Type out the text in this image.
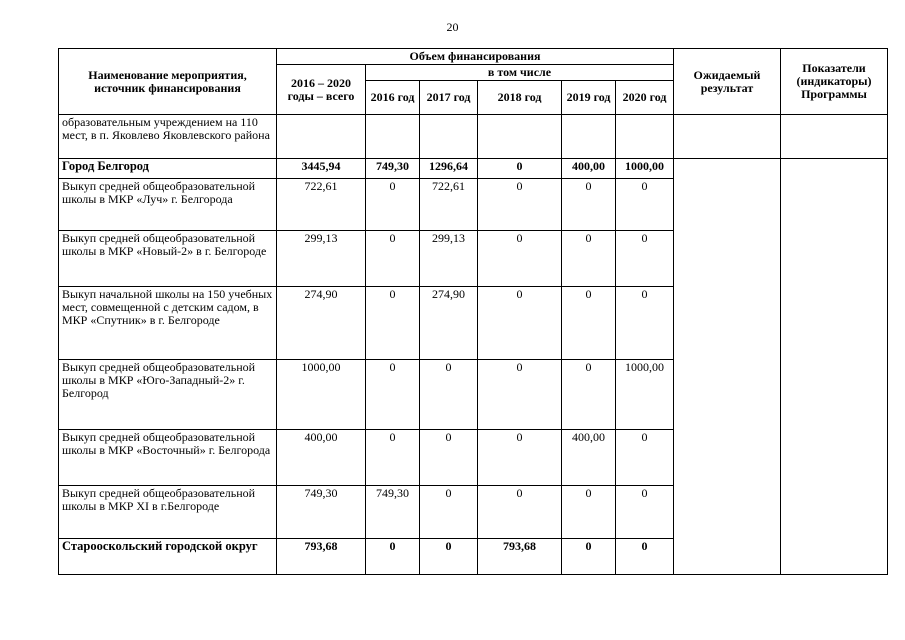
20
Наименование мероприятия, источник финансирования	Объем финансирования						Ожидаемый результат	Показатели (индикаторы) Программы
	2016 – 2020 годы – всего	в том числе						
		2016 год	2017 год	2018 год	2019 год	2020 год		
образовательным учреждением на 110 мест, в п. Яковлево Яковлевского района								
Город Белгород	3445,94	749,30	1296,64	0	400,00	1000,00		
Выкуп средней общеобразовательной школы в МКР «Луч» г. Белгорода	722,61	0	722,61	0	0	0		
Выкуп средней общеобразовательной школы в МКР «Новый-2» в г. Белгороде	299,13	0	299,13	0	0	0		
Выкуп начальной школы на 150 учебных мест, совмещенной с детским садом, в МКР «Спутник» в г. Белгороде	274,90	0	274,90	0	0	0		
Выкуп средней общеобразовательной школы в МКР «Юго-Западный-2» г. Белгород	1000,00	0	0	0	0	1000,00		
Выкуп средней общеобразовательной школы в МКР «Восточный» г. Белгорода	400,00	0	0	0	400,00	0		
Выкуп средней общеобразовательной школы в МКР XI в г.Белгороде	749,30	749,30	0	0	0	0		
Старооскольский городской округ	793,68	0	0	793,68	0	0		
